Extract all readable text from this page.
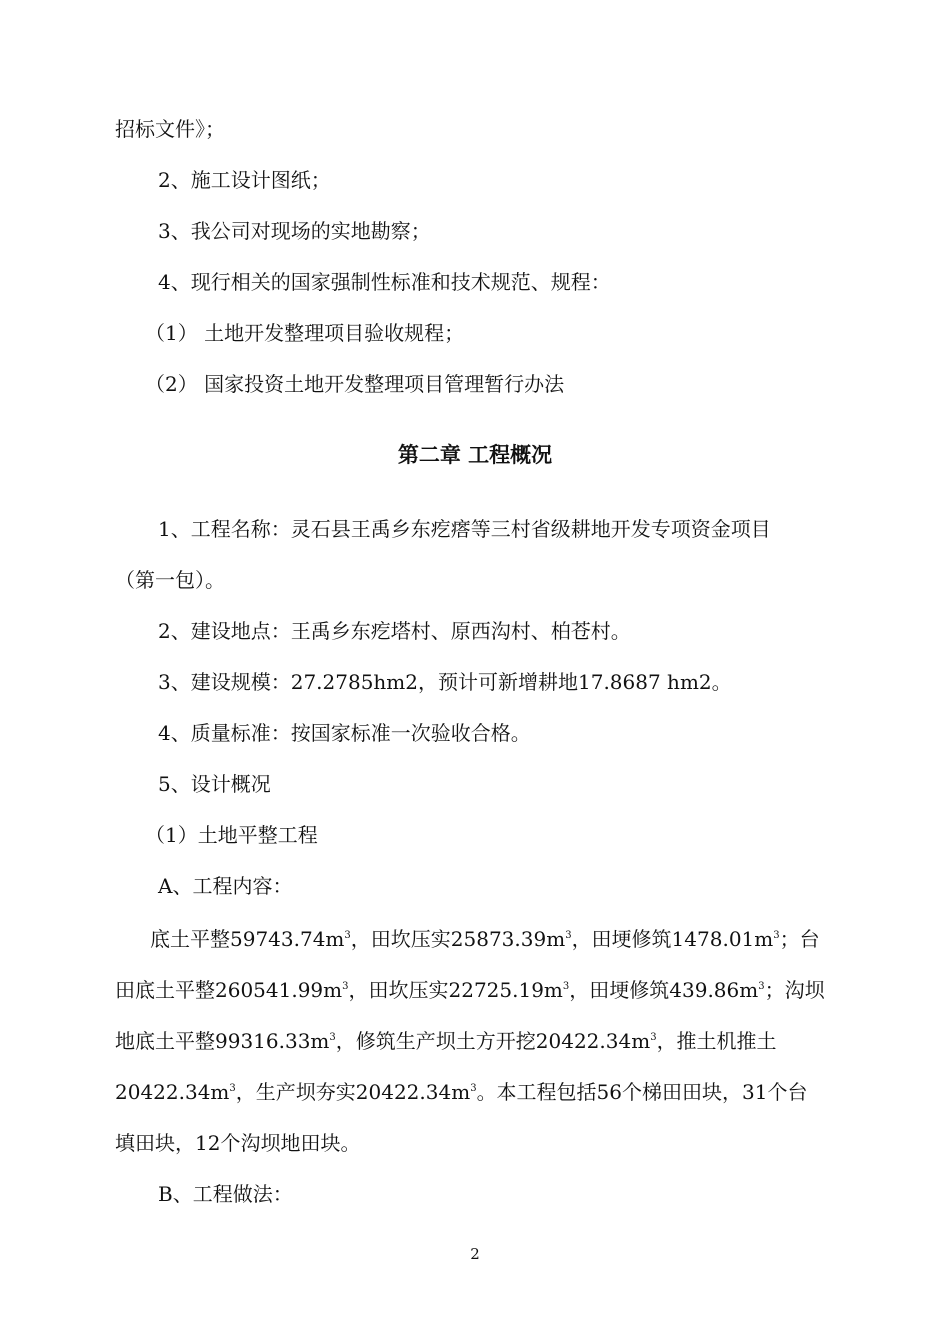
招标文件》；
2、施工设计图纸；
3、我公司对现场的实地勘察；
4、现行相关的国家强制性标准和技术规范、规程：
（1） 土地开发整理项目验收规程；
（2） 国家投资土地开发整理项目管理暂行办法
第二章 工程概况
1、工程名称：灵石县王禹乡东疙瘩等三村省级耕地开发专项资金项目
（第一包）。
2、建设地点：王禹乡东疙塔村、原西沟村、柏苍村。
3、建设规模：27.2785hm2，预计可新增耕地17.8687 hm2。
4、质量标准：按国家标准一次验收合格。
5、设计概况
（1）土地平整工程
A、工程内容：
底土平整$59743.74m^3$，田坎压实$25873.39m^3$，田埂修筑$1478.01m^3$；台
田底土平整$260541.99m^3$，田坎压实$22725.19m^3$，田埂修筑$439.86m^3$；沟坝
地底土平整$99316.33m^3$，修筑生产坝土方开挖$20422.34m^3$，推土机推土
$20422.34m^3$，生产坝夯实$20422.34m^3$。本工程包括56个梯田田块，31个台
填田块，12个沟坝地田块。
B、工程做法：
2
